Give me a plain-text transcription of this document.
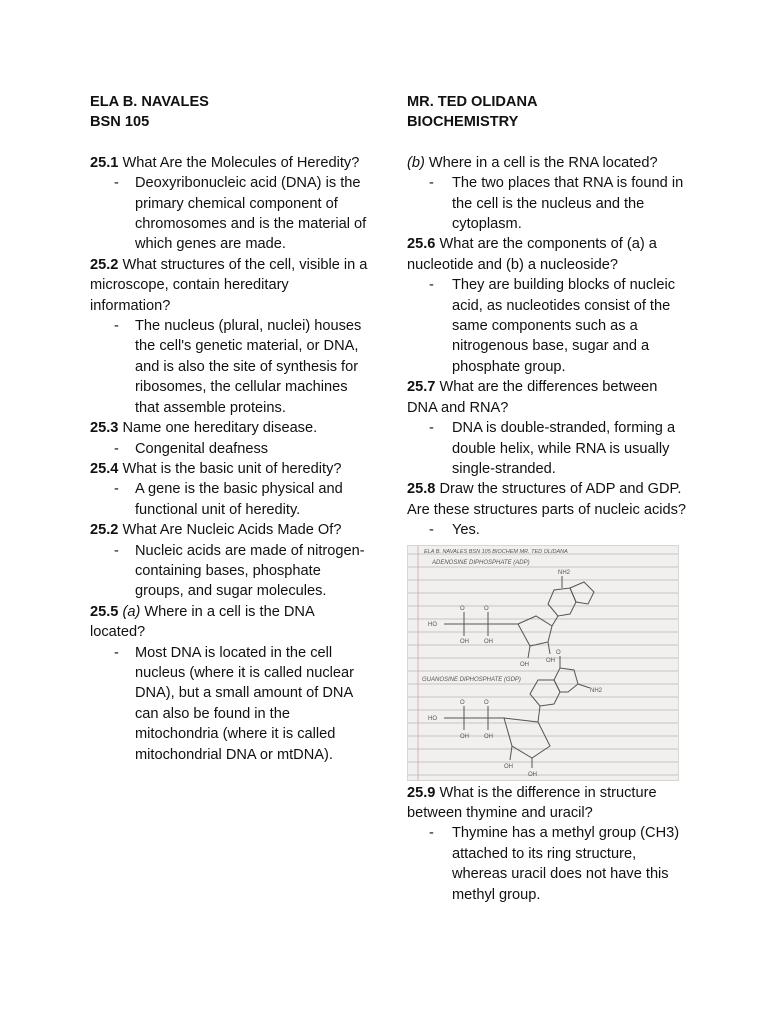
ELA B. NAVALES
BSN 105
25.1 What Are the Molecules of Heredity?
- Deoxyribonucleic acid (DNA) is the primary chemical component of chromosomes and is the material of which genes are made.
25.2 What structures of the cell, visible in a microscope, contain hereditary information?
- The nucleus (plural, nuclei) houses the cell's genetic material, or DNA, and is also the site of synthesis for ribosomes, the cellular machines that assemble proteins.
25.3 Name one hereditary disease.
- Congenital deafness
25.4 What is the basic unit of heredity?
- A gene is the basic physical and functional unit of heredity.
25.2 What Are Nucleic Acids Made Of?
- Nucleic acids are made of nitrogen-containing bases, phosphate groups, and sugar molecules.
25.5 (a) Where in a cell is the DNA located?
- Most DNA is located in the cell nucleus (where it is called nuclear DNA), but a small amount of DNA can also be found in the mitochondria (where it is called mitochondrial DNA or mtDNA).
MR. TED OLIDANA
BIOCHEMISTRY
(b) Where in a cell is the RNA located?
- The two places that RNA is found in the cell is the nucleus and the cytoplasm.
25.6 What are the components of (a) a nucleotide and (b) a nucleoside?
- They are building blocks of nucleic acid, as nucleotides consist of the same components such as a nitrogenous base, sugar and a phosphate group.
25.7 What are the differences between DNA and RNA?
- DNA is double-stranded, forming a double helix, while RNA is usually single-stranded.
25.8 Draw the structures of ADP and GDP. Are these structures parts of nucleic acids?
- Yes.
ELA B. NAVALES BSN 105 BIOCHEM MR. TED OLIDANA
ADENOSINE DIPHOSPHATE (ADP)
HO
O
OH
O
OH
OH
OH
NH2
GUANOSINE DIPHOSPHATE (GDP)
HO
O
OH
O
OH
OH
OH
O
NH2
25.9 What is the difference in structure between thymine and uracil?
- Thymine has a methyl group (CH3) attached to its ring structure, whereas uracil does not have this methyl group.
